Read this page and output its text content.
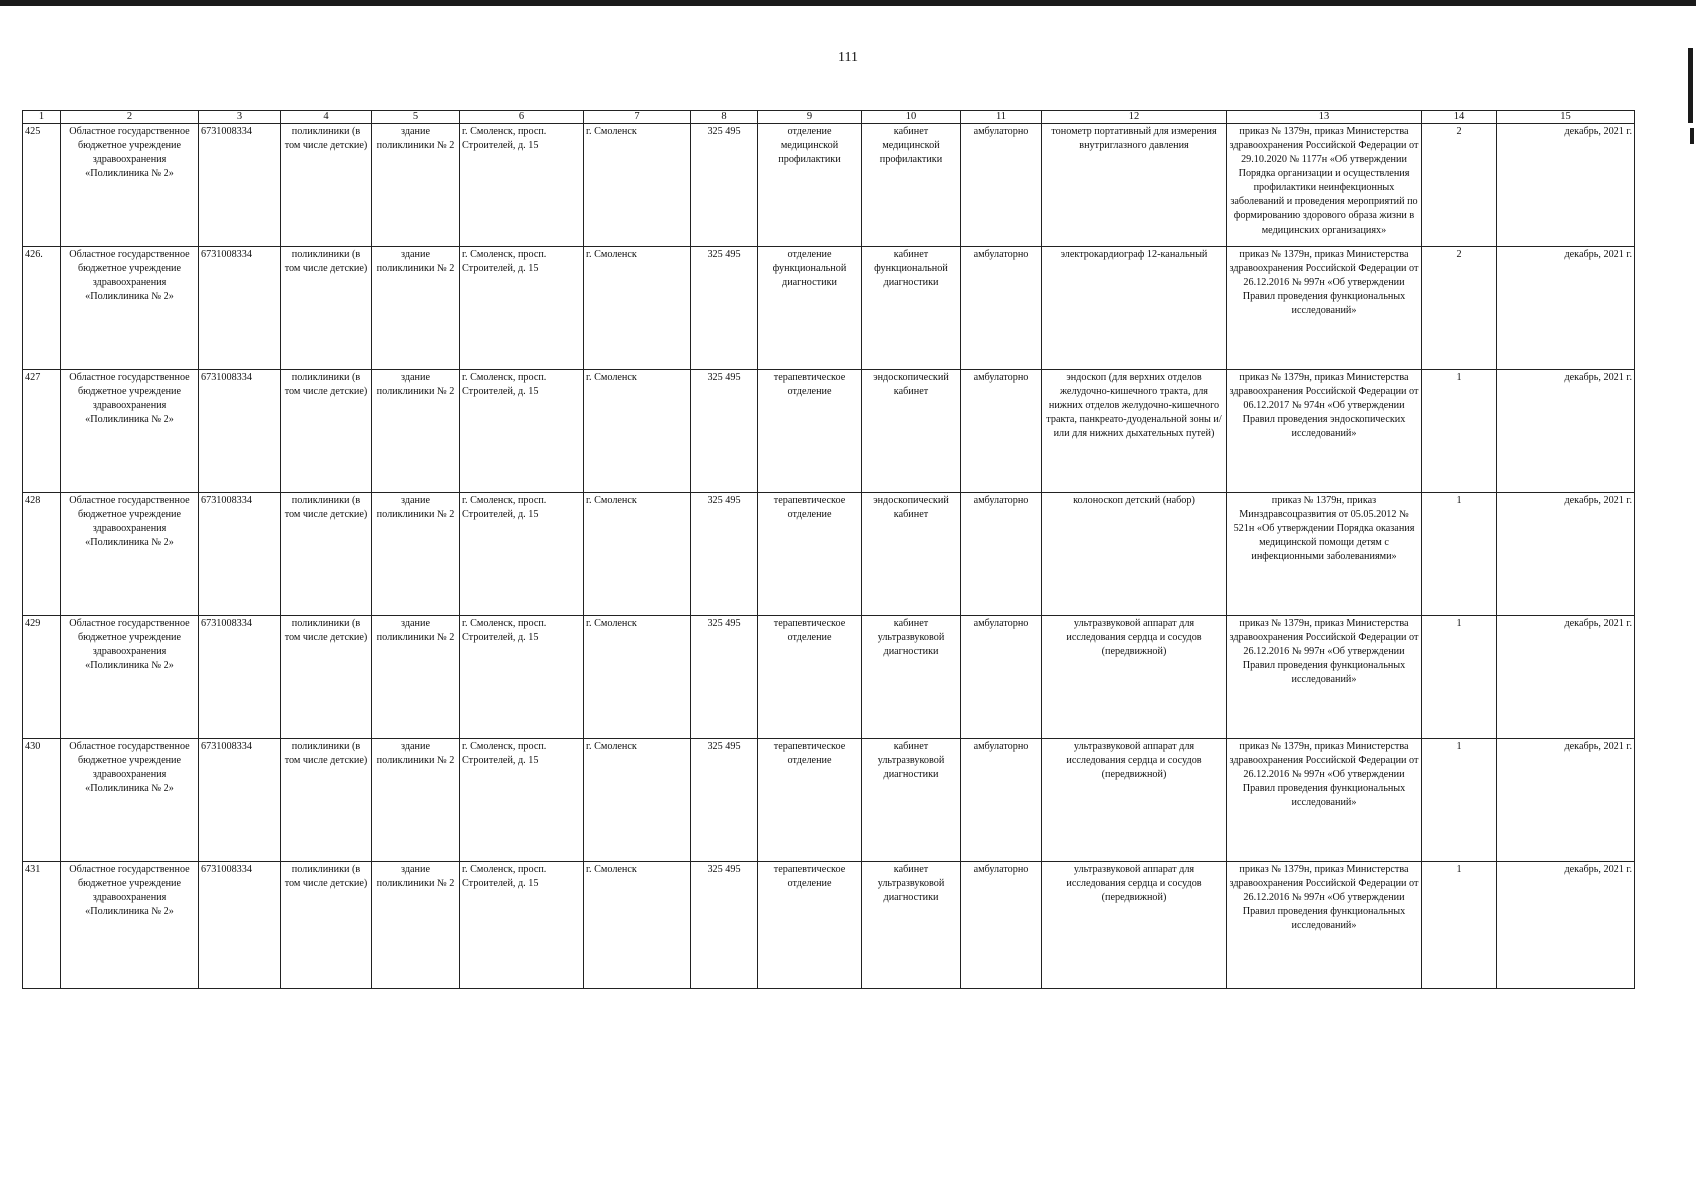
111
1	2	3	4	5	6	7	8	9	10	11	12	13	14	15
425	Областное государственное бюджетное учреждение здравоохранения «Поликлиника № 2»	6731008334	поликлиники (в том числе детские)	здание поликлиники № 2	г. Смоленск, просп. Строителей, д. 15	г. Смоленск	325 495	отделение медицинской профилактики	кабинет медицинской профилактики	амбулаторно	тонометр портативный для измерения внутриглазного давления	приказ № 1379н, приказ Министерства здравоохранения Российской Федерации от 29.10.2020 № 1177н «Об утверждении Порядка организации и осуществления профилактики неинфекционных заболеваний и проведения мероприятий по формированию здорового образа жизни в медицинских организациях»	2	декабрь, 2021 г.
426.	Областное государственное бюджетное учреждение здравоохранения «Поликлиника № 2»	6731008334	поликлиники (в том числе детские)	здание поликлиники № 2	г. Смоленск, просп. Строителей, д. 15	г. Смоленск	325 495	отделение функциональной диагностики	кабинет функциональной диагностики	амбулаторно	электрокардиограф 12-канальный	приказ № 1379н, приказ Министерства здравоохранения Российской Федерации от 26.12.2016 № 997н «Об утверждении Правил проведения функциональных исследований»	2	декабрь, 2021 г.
427	Областное государственное бюджетное учреждение здравоохранения «Поликлиника № 2»	6731008334	поликлиники (в том числе детские)	здание поликлиники № 2	г. Смоленск, просп. Строителей, д. 15	г. Смоленск	325 495	терапевтическое отделение	эндоскопический кабинет	амбулаторно	эндоскоп (для верхних отделов желудочно-кишечного тракта, для нижних отделов желудочно-кишечного тракта, панкреато-дуоденальной зоны и/или для нижних дыхательных путей)	приказ № 1379н, приказ Министерства здравоохранения Российской Федерации от 06.12.2017 № 974н «Об утверждении Правил проведения эндоскопических исследований»	1	декабрь, 2021 г.
428	Областное государственное бюджетное учреждение здравоохранения «Поликлиника № 2»	6731008334	поликлиники (в том числе детские)	здание поликлиники № 2	г. Смоленск, просп. Строителей, д. 15	г. Смоленск	325 495	терапевтическое отделение	эндоскопический кабинет	амбулаторно	колоноскоп детский (набор)	приказ № 1379н, приказ Минздравсоцразвития от 05.05.2012 № 521н «Об утверждении Порядка оказания медицинской помощи детям с инфекционными заболеваниями»	1	декабрь, 2021 г.
429	Областное государственное бюджетное учреждение здравоохранения «Поликлиника № 2»	6731008334	поликлиники (в том числе детские)	здание поликлиники № 2	г. Смоленск, просп. Строителей, д. 15	г. Смоленск	325 495	терапевтическое отделение	кабинет ультразвуковой диагностики	амбулаторно	ультразвуковой аппарат для исследования сердца и сосудов (передвижной)	приказ № 1379н, приказ Министерства здравоохранения Российской Федерации от 26.12.2016 № 997н «Об утверждении Правил проведения функциональных исследований»	1	декабрь, 2021 г.
430	Областное государственное бюджетное учреждение здравоохранения «Поликлиника № 2»	6731008334	поликлиники (в том числе детские)	здание поликлиники № 2	г. Смоленск, просп. Строителей, д. 15	г. Смоленск	325 495	терапевтическое отделение	кабинет ультразвуковой диагностики	амбулаторно	ультразвуковой аппарат для исследования сердца и сосудов (передвижной)	приказ № 1379н, приказ Министерства здравоохранения Российской Федерации от 26.12.2016 № 997н «Об утверждении Правил проведения функциональных исследований»	1	декабрь, 2021 г.
431	Областное государственное бюджетное учреждение здравоохранения «Поликлиника № 2»	6731008334	поликлиники (в том числе детские)	здание поликлиники № 2	г. Смоленск, просп. Строителей, д. 15	г. Смоленск	325 495	терапевтическое отделение	кабинет ультразвуковой диагностики	амбулаторно	ультразвуковой аппарат для исследования сердца и сосудов (передвижной)	приказ № 1379н, приказ Министерства здравоохранения Российской Федерации от 26.12.2016 № 997н «Об утверждении Правил проведения функциональных исследований»	1	декабрь, 2021 г.
